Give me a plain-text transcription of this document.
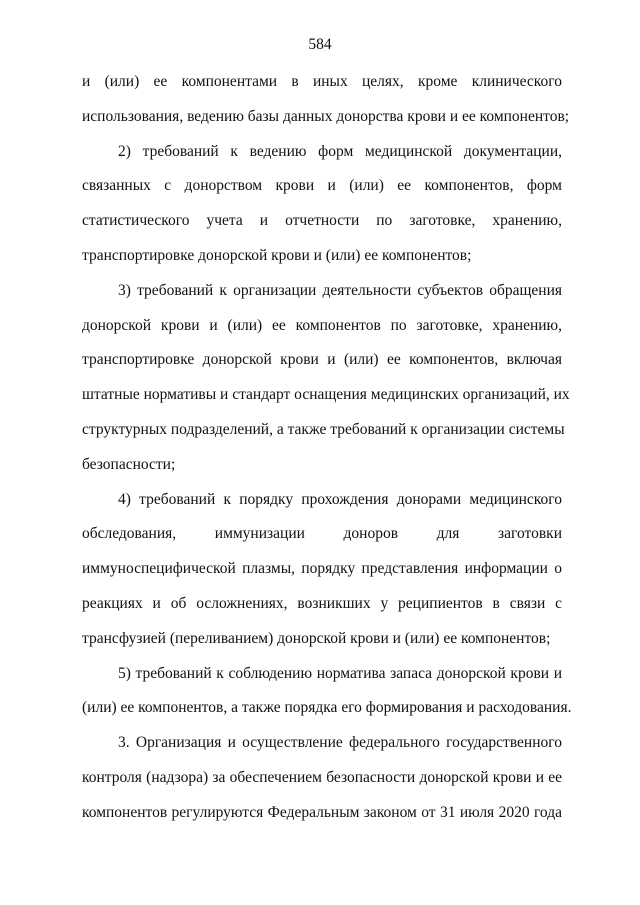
584
и (или) ее компонентами в иных целях, кроме клинического
использования, ведению базы данных донорства крови и ее компонентов;
2) требований к ведению форм медицинской документации,
связанных с донорством крови и (или) ее компонентов, форм
статистического учета и отчетности по заготовке, хранению,
транспортировке донорской крови и (или) ее компонентов;
3) требований к организации деятельности субъектов обращения
донорской крови и (или) ее компонентов по заготовке, хранению,
транспортировке донорской крови и (или) ее компонентов, включая
штатные нормативы и стандарт оснащения медицинских организаций, их
структурных подразделений, а также требований к организации системы
безопасности;
4) требований к порядку прохождения донорами медицинского
обследования, иммунизации доноров для заготовки
иммуноспецифической плазмы, порядку представления информации о
реакциях и об осложнениях, возникших у реципиентов в связи с
трансфузией (переливанием) донорской крови и (или) ее компонентов;
5) требований к соблюдению норматива запаса донорской крови и
(или) ее компонентов, а также порядка его формирования и расходования.
3. Организация и осуществление федерального государственного
контроля (надзора) за обеспечением безопасности донорской крови и ее
компонентов регулируются Федеральным законом от 31 июля 2020 года
